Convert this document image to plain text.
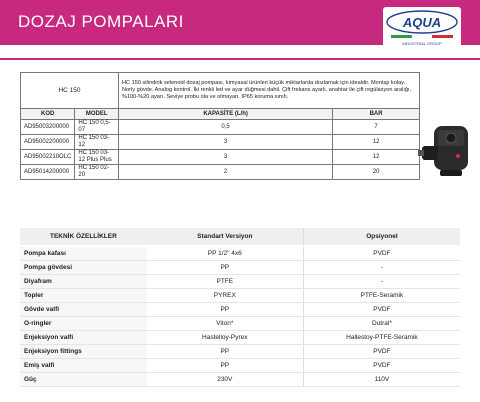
DOZAJ POMPALARI	AQUA
INDUSTRIAL GROUP
HC 150		HC 150 silindirik selenoid dozaj pompası, kimyasal ürünleri küçük miktarlarda dozlamak için idealdir. Montajı kolay. Norly gövde. Analog kontrol. İki renkli led ve ayar düğmesi dahil. Çift frekans ayarlı, anahtar ile çift regülasyon aralığı, %100-%20 ayarı. Seviye probu ola ve olmayan. IP65 koruma sınıfı.	
KOD	MODEL	KAPASİTE (L/h)	BAR
AD95003200000	HC 150 0,5-07	0,5	7
AD95002200000	HC 150 03-12	3	12
AD95002210OLC	HC 150 03-12 Plus Plus	3	12
AD95014200000	HC 150 02-20	2	20
TEKNİK ÖZELLİKLER	Standart Versiyon	Opsiyonel
Pompa kafası	PP 1/2" 4x6	PVDF
Pompa gövdesi	PP	-
Diyafram	PTFE	-
Topler	PYREX	PTFE-Seramik
Gövde valfi	PP	PVDF
O-ringler	Viton*	Dutral*
Enjeksiyon valfi	Hastelloy-Pyrex	Hallestoy-PTFE-Seramik
Enjeksiyon fittings	PP	PVDF
Emiş valfi	PP	PVDF
Güç	230V	110V
